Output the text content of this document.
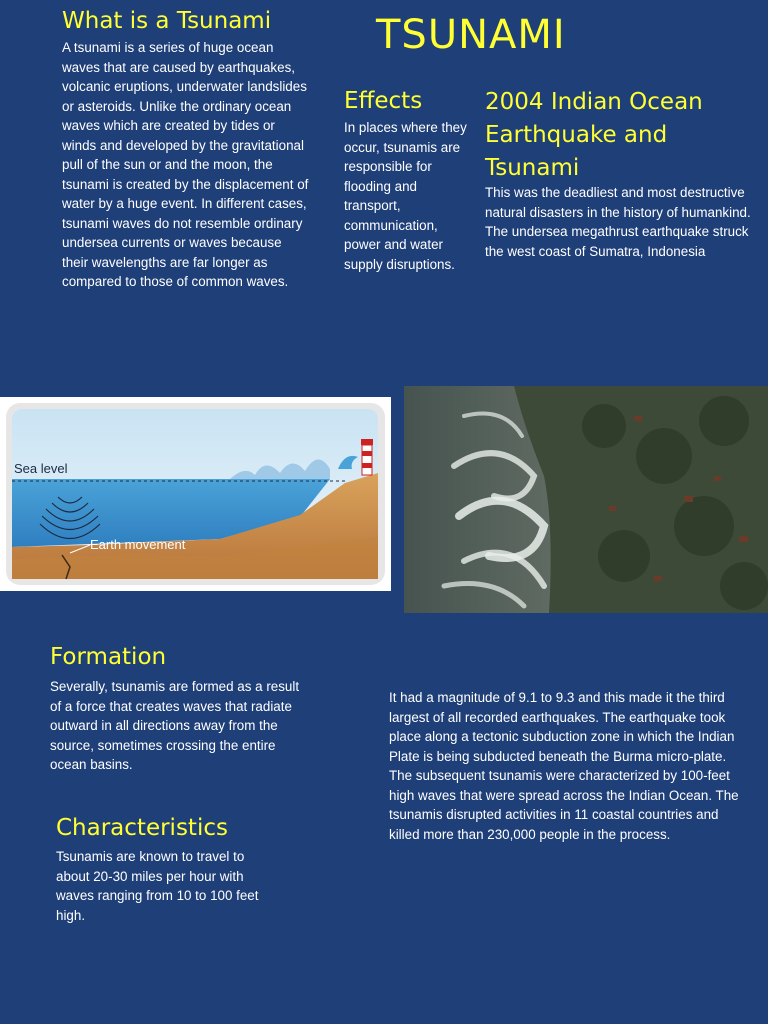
TSUNAMI
What is a Tsunami
A tsunami is a series of huge ocean waves that are caused by earthquakes, volcanic eruptions, underwater landslides or asteroids. Unlike the ordinary ocean waves which are created by tides or winds and developed by the gravitational pull of the sun or and the moon, the tsunami is created by the displacement of water by a huge event. In different cases, tsunami waves do not resemble ordinary undersea currents or waves because their wavelengths are far longer as compared to those of common waves.
Effects
In places where they occur, tsunamis are responsible for flooding and transport, communication, power and water supply disruptions.
2004 Indian Ocean Earthquake and Tsunami
This was the deadliest and most destructive natural disasters in the history of humankind. The undersea megathrust earthquake struck the west coast of Sumatra, Indonesia
Sea level
Earth movement
Formation
Severally, tsunamis are formed as a result of a force that creates waves that radiate outward in all directions away from the source, sometimes crossing the entire ocean basins.
Characteristics
Tsunamis are known to travel to about 20-30 miles per hour with waves ranging from 10 to 100 feet high.
It had a magnitude of 9.1 to 9.3 and this made it the third largest of all recorded earthquakes. The earthquake took place along a tectonic subduction zone in which the Indian Plate is being subducted beneath the Burma micro-plate. The subsequent tsunamis were characterized by 100-feet high waves that were spread across the Indian Ocean. The tsunamis disrupted activities in 11 coastal countries and killed more than 230,000 people in the process.
